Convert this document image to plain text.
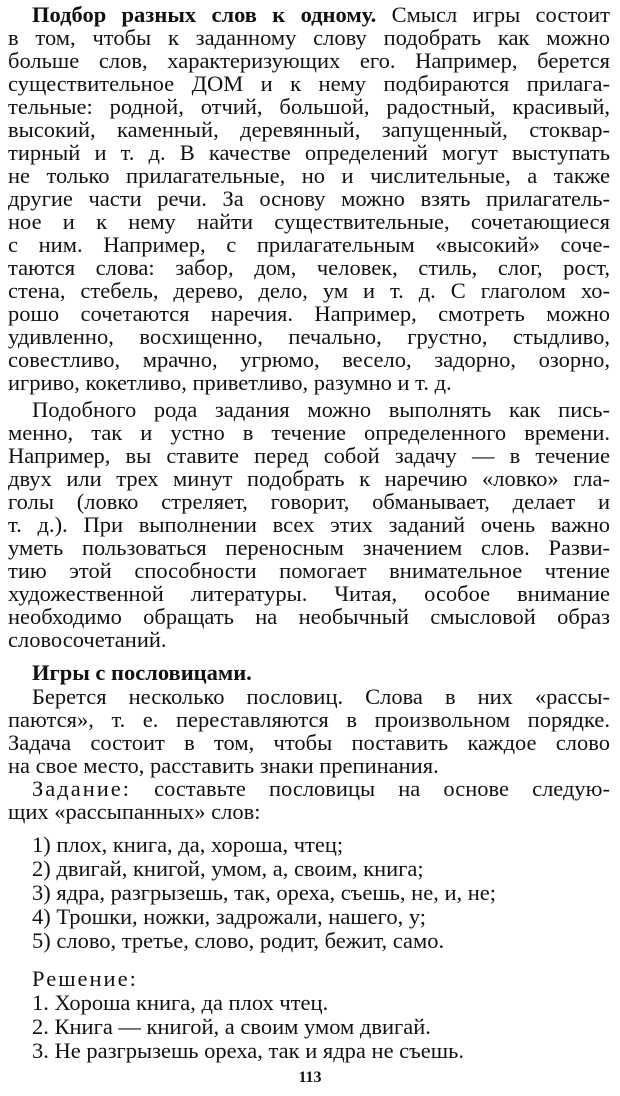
Подбор разных слов к одному. Смысл игры состоит
в том, чтобы к заданному слову подобрать как можно
больше слов, характеризующих его. Например, берется
существительное ДОМ и к нему подбираются прилага-
тельные: родной, отчий, большой, радостный, красивый,
высокий, каменный, деревянный, запущенный, стоквар-
тирный и т. д. В качестве определений могут выступать
не только прилагательные, но и числительные, а также
другие части речи. За основу можно взять прилагатель-
ное и к нему найти существительные, сочетающиеся
с ним. Например, с прилагательным «высокий» соче-
таются слова: забор, дом, человек, стиль, слог, рост,
стена, стебель, дерево, дело, ум и т. д. С глаголом хо-
рошо сочетаются наречия. Например, смотреть можно
удивленно, восхищенно, печально, грустно, стыдливо,
совестливо, мрачно, угрюмо, весело, задорно, озорно,
игриво, кокетливо, приветливо, разумно и т. д.
Подобного рода задания можно выполнять как пись-
менно, так и устно в течение определенного времени.
Например, вы ставите перед собой задачу — в течение
двух или трех минут подобрать к наречию «ловко» гла-
голы (ловко стреляет, говорит, обманывает, делает и
т. д.). При выполнении всех этих заданий очень важно
уметь пользоваться переносным значением слов. Разви-
тию этой способности помогает внимательное чтение
художественной литературы. Читая, особое внимание
необходимо обращать на необычный смысловой образ
словосочетаний.
Игры с пословицами.
Берется несколько пословиц. Слова в них «рассы-
паются», т. е. переставляются в произвольном порядке.
Задача состоит в том, чтобы поставить каждое слово
на свое место, расставить знаки препинания.
Задание: составьте пословицы на основе следую-
щих «рассыпанных» слов:
1) плох, книга, да, хороша, чтец;
2) двигай, книгой, умом, а, своим, книга;
3) ядра, разгрызешь, так, ореха, съешь, не, и, не;
4) Трошки, ножки, задрожали, нашего, у;
5) слово, третье, слово, родит, бежит, само.
Решение:
1. Хороша книга, да плох чтец.
2. Книга — книгой, а своим умом двигай.
3. Не разгрызешь ореха, так и ядра не съешь.
113
